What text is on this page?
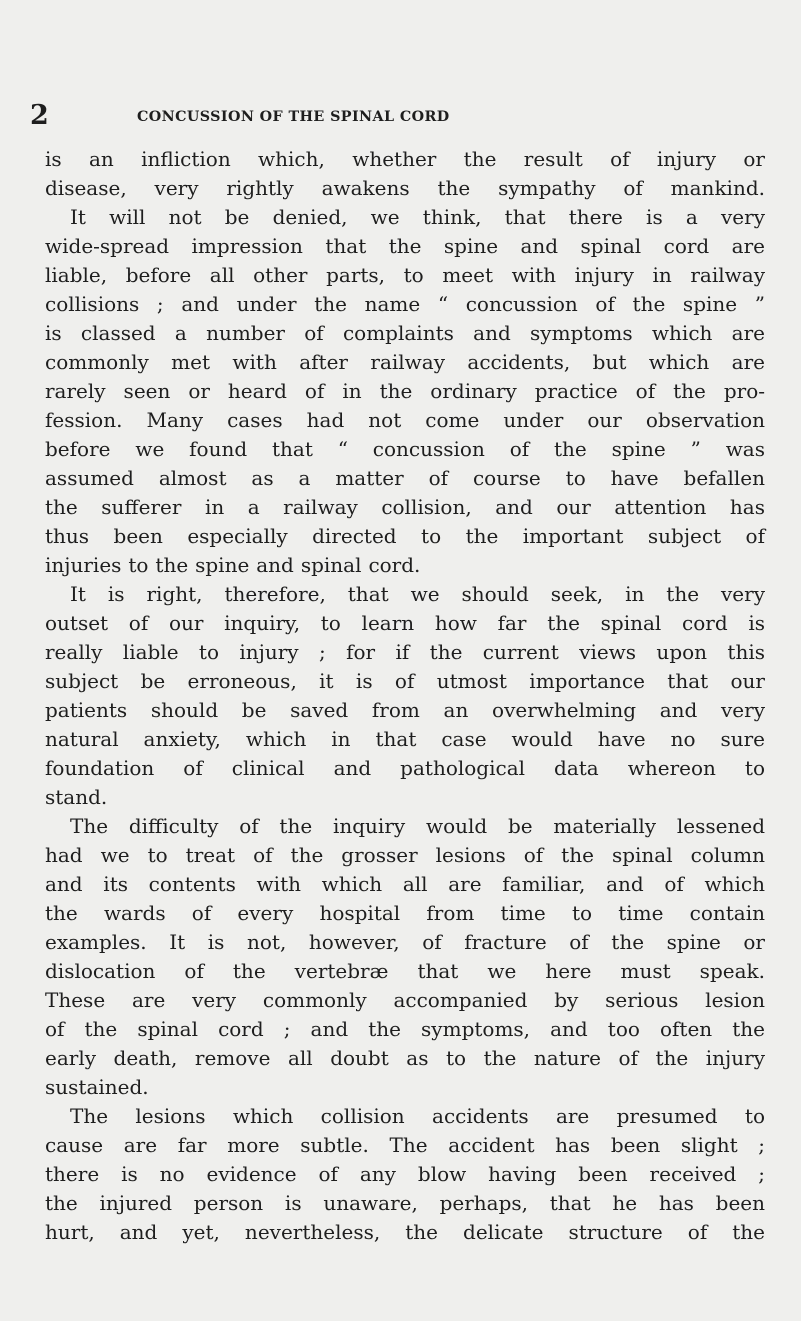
2	CONCUSSION OF THE SPINAL CORD
is an infliction which, whether the result of injury or
disease, very rightly awakens the sympathy of mankind.
It will not be denied, we think, that there is a very
wide-spread impression that the spine and spinal cord are
liable, before all other parts, to meet with injury in railway
collisions ; and under the name “ concussion of the spine ”
is classed a number of complaints and symptoms which are
commonly met with after railway accidents, but which are
rarely seen or heard of in the ordinary practice of the pro-
fession. Many cases had not come under our observation
before we found that “ concussion of the spine ” was
assumed almost as a matter of course to have befallen
the sufferer in a railway collision, and our attention has
thus been especially directed to the important subject of
injuries to the spine and spinal cord.
It is right, therefore, that we should seek, in the very
outset of our inquiry, to learn how far the spinal cord is
really liable to injury ; for if the current views upon this
subject be erroneous, it is of utmost importance that our
patients should be saved from an overwhelming and very
natural anxiety, which in that case would have no sure
foundation of clinical and pathological data whereon to
stand.
The difficulty of the inquiry would be materially lessened
had we to treat of the grosser lesions of the spinal column
and its contents with which all are familiar, and of which
the wards of every hospital from time to time contain
examples. It is not, however, of fracture of the spine or
dislocation of the vertebræ that we here must speak.
These are very commonly accompanied by serious lesion
of the spinal cord ; and the symptoms, and too often the
early death, remove all doubt as to the nature of the injury
sustained.
The lesions which collision accidents are presumed to
cause are far more subtle. The accident has been slight ;
there is no evidence of any blow having been received ;
the injured person is unaware, perhaps, that he has been
hurt, and yet, nevertheless, the delicate structure of the
